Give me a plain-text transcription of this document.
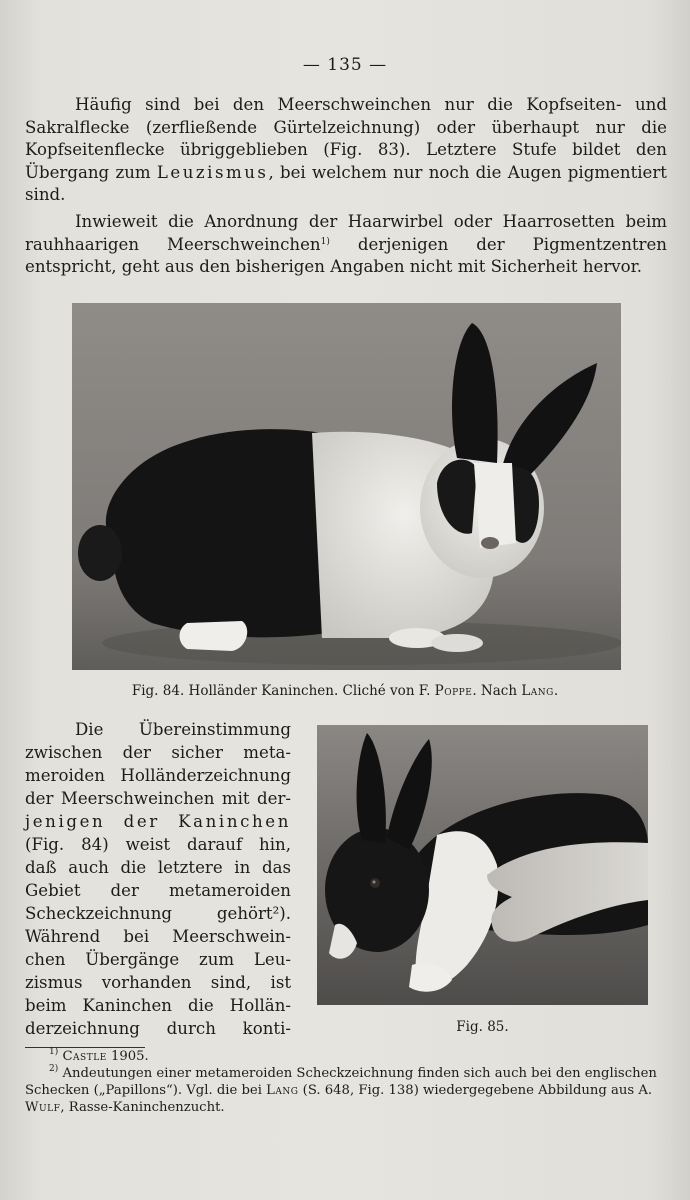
— 135 —
Häufig sind bei den Meerschweinchen nur die Kopfseiten- und Sakralflecke (zerfließende Gürtelzeichnung) oder überhaupt nur die Kopfseitenflecke übriggeblieben (Fig. 83). Letztere Stufe bildet den Übergang zum Leuzismus, bei welchem nur noch die Augen pigmentiert sind.
Inwieweit die Anordnung der Haarwirbel oder Haarrosetten beim rauhhaarigen Meerschweinchen$^{1)}$ derjenigen der Pigmentzentren entspricht, geht aus den bisherigen Angaben nicht mit Sicherheit hervor.
Fig. 84. Holländer Kaninchen. Cliché von F. Poppe. Nach Lang.
Die Übereinstimmung
zwischen der sicher meta-
meroiden Holländerzeichnung
der Meerschweinchen mit der-
jenigen der Kaninchen
(Fig. 84) weist darauf hin,
daß auch die letztere in das
Gebiet der metameroiden
Scheckzeichnung gehört²).
Während bei Meerschwein-
chen Übergänge zum Leu-
zismus vorhanden sind, ist
beim Kaninchen die Hollän-
derzeichnung durch konti-	Fig. 85.
$^{1)}$ Castle 1905.
$^{2)}$ Andeutungen einer metameroiden Scheckzeichnung finden sich auch bei den englischen Schecken („Papillons“). Vgl. die bei Lang (S. 648, Fig. 138) wiedergegebene Abbildung aus A. Wulf, Rasse-Kaninchenzucht.
